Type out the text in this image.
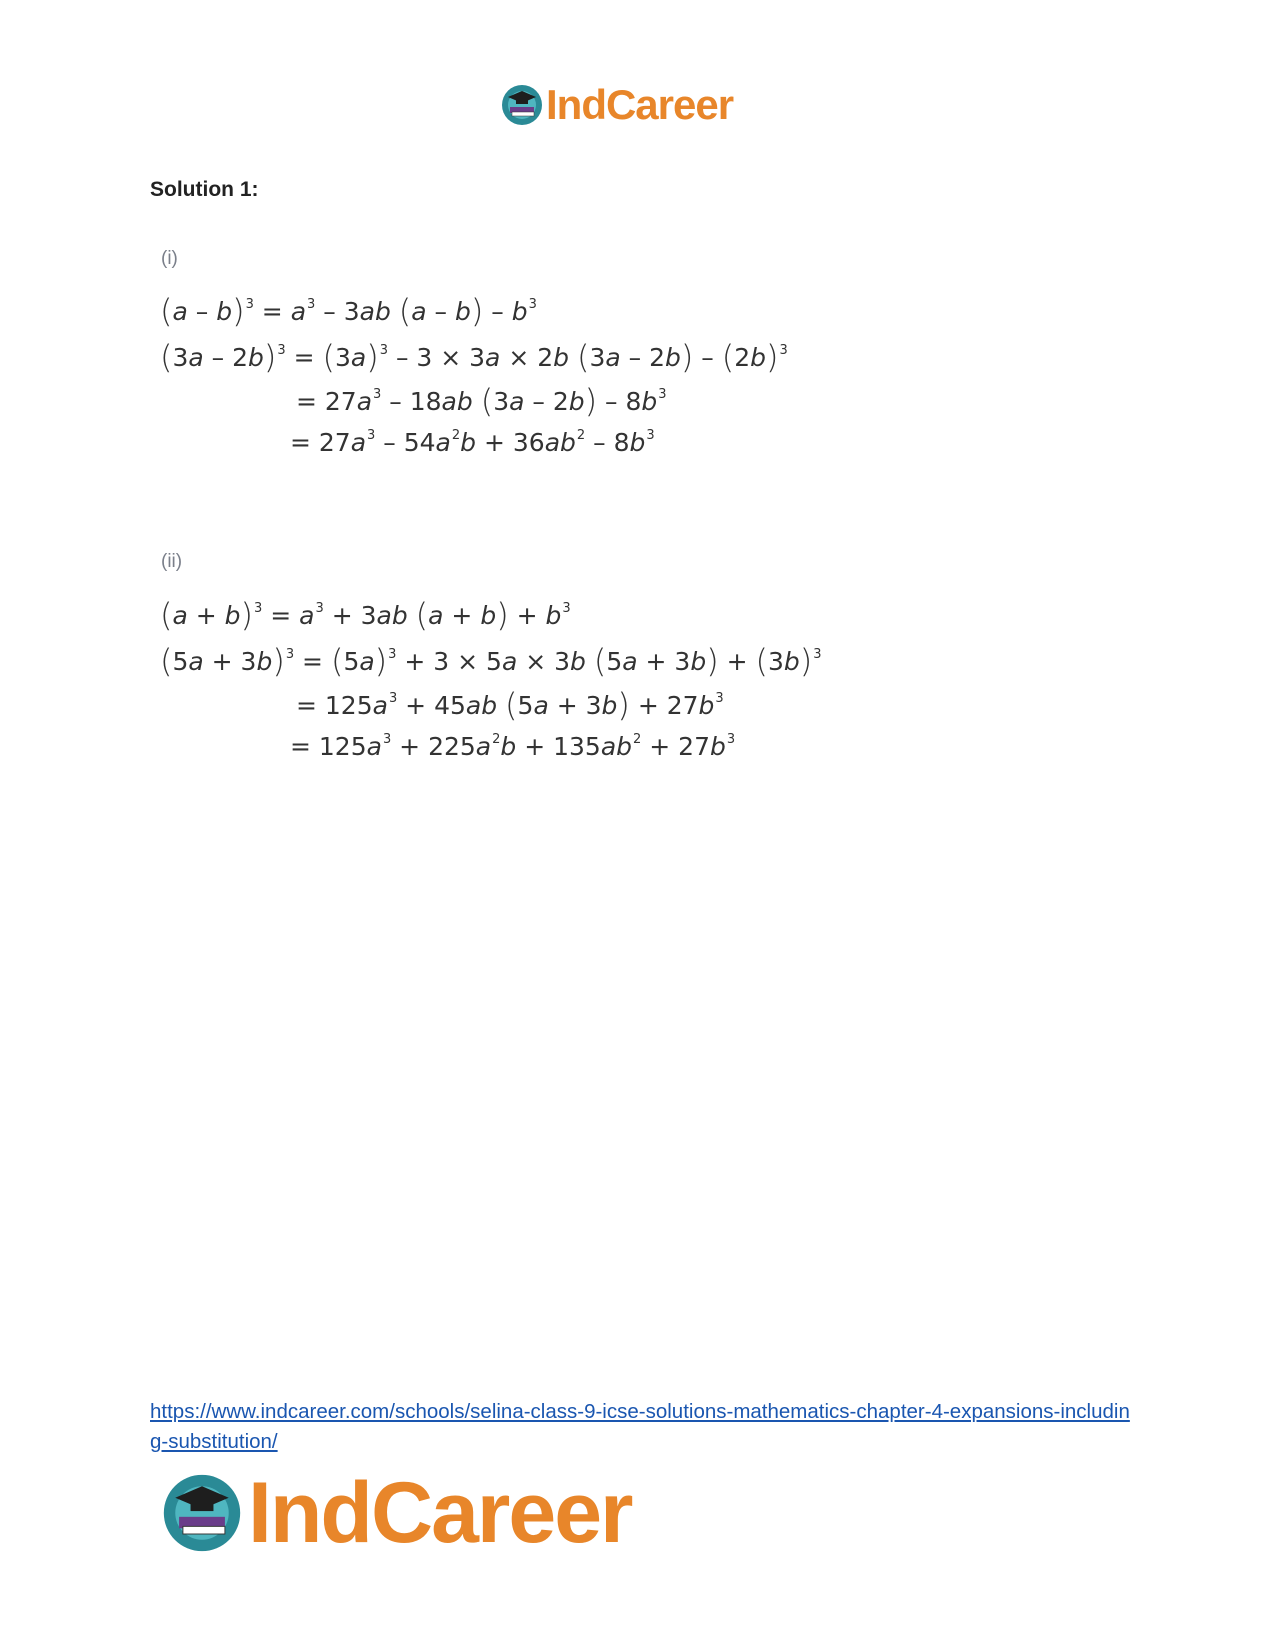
IndCareer
Solution 1:
(i)
$(a - b)^3 = a^3 - 3ab$ $(a - b) - b^3$
$(3a - 2b)^3 = (3a)^3 - 3 \times 3a \times 2b$ $(3a - 2b) - (2b)^3$
= $27a^3 - 18ab$ $(3a - 2b) - 8b^3$
= $27a^3 - 54a^2b + 36ab^2 - 8b^3$
(ii)
$(a + b)^3 = a^3 + 3ab$ $(a + b) + b^3$
$(5a + 3b)^3 = (5a)^3 + 3 \times 5a \times 3b$ $(5a + 3b) + (3b)^3$
= $125a^3 + 45ab$ $(5a + 3b) + 27b^3$
= $125a^3 + 225a^2b + 135ab^2 + 27b^3$
https://www.indcareer.com/schools/selina-class-9-icse-solutions-mathematics-chapter-4-expansions-including-substitution/
IndCareer
